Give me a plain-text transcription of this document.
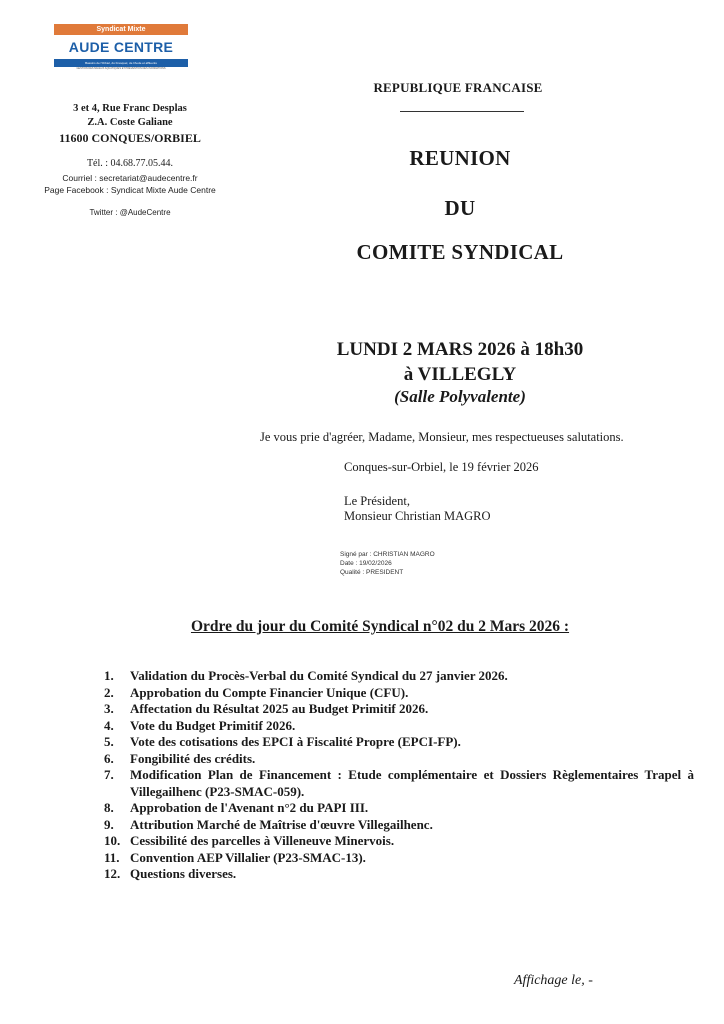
Syndicat Mixte
AUDE CENTRE
Bassins de l'Orbiel, du Fresquel, de l'Aude et affluents
GESTION DES MILIEUX AQUATIQUES ET PRÉVENTION DES INONDATIONS
3 et 4, Rue Franc Desplas
Z.A. Coste Galiane
11600 CONQUES/ORBIEL
Tél. : 04.68.77.05.44.
Courriel : secretariat@audecentre.fr
Page Facebook : Syndicat Mixte Aude Centre
Twitter : @AudeCentre
REPUBLIQUE FRANCAISE
REUNION
DU
COMITE SYNDICAL
LUNDI 2 MARS 2026 à 18h30
à VILLEGLY
(Salle Polyvalente)
Je vous prie d'agréer, Madame, Monsieur, mes respectueuses salutations.
Conques-sur-Orbiel, le 19 février 2026
Le Président,
Monsieur Christian MAGRO
Signé par : CHRISTIAN MAGRO
Date : 19/02/2026
Qualité : PRESIDENT
Ordre du jour du Comité Syndical n°02 du 2 Mars 2026 :
1.	Validation du Procès-Verbal du Comité Syndical du 27 janvier 2026.
2.	Approbation du Compte Financier Unique (CFU).
3.	Affectation du Résultat 2025 au Budget Primitif 2026.
4.	Vote du Budget Primitif 2026.
5.	Vote des cotisations des EPCI à Fiscalité Propre (EPCI-FP).
6.	Fongibilité des crédits.
7.	Modification Plan de Financement : Etude complémentaire et Dossiers Règlementaires Trapel à Villegailhenc (P23-SMAC-059).
8.	Approbation de l'Avenant n°2 du PAPI III.
9.	Attribution Marché de Maîtrise d'œuvre Villegailhenc.
10. Cessibilité des parcelles à Villeneuve Minervois.
11. Convention AEP Villalier (P23-SMAC-13).
12. Questions diverses.
Affichage le, -
